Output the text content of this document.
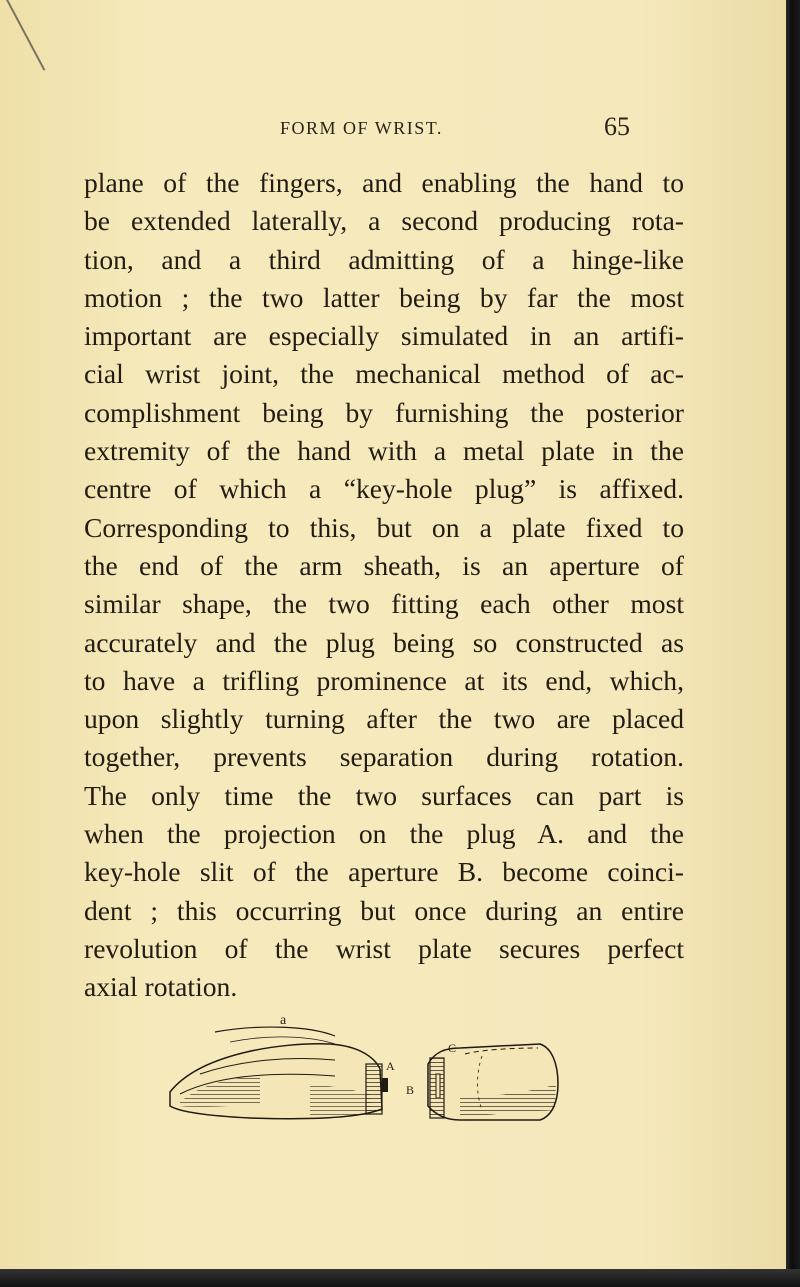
FORM OF WRIST.	65
plane of the fingers, and enabling the hand to
be extended laterally, a second producing rota-
tion, and a third admitting of a hinge-like
motion ; the two latter being by far the most
important are especially simulated in an artifi-
cial wrist joint, the mechanical method of ac-
complishment being by furnishing the posterior
extremity of the hand with a metal plate in the
centre of which a “key-hole plug” is affixed.
Corresponding to this, but on a plate fixed to
the end of the arm sheath, is an aperture of
similar shape, the two fitting each other most
accurately and the plug being so constructed as
to have a trifling prominence at its end, which,
upon slightly turning after the two are placed
together, prevents separation during rotation.
The only time the two surfaces can part is
when the projection on the plug A. and the
key-hole slit of the aperture B. become coinci-
dent ; this occurring but once during an entire
revolution of the wrist plate secures perfect
axial rotation.
a
A
B
C
